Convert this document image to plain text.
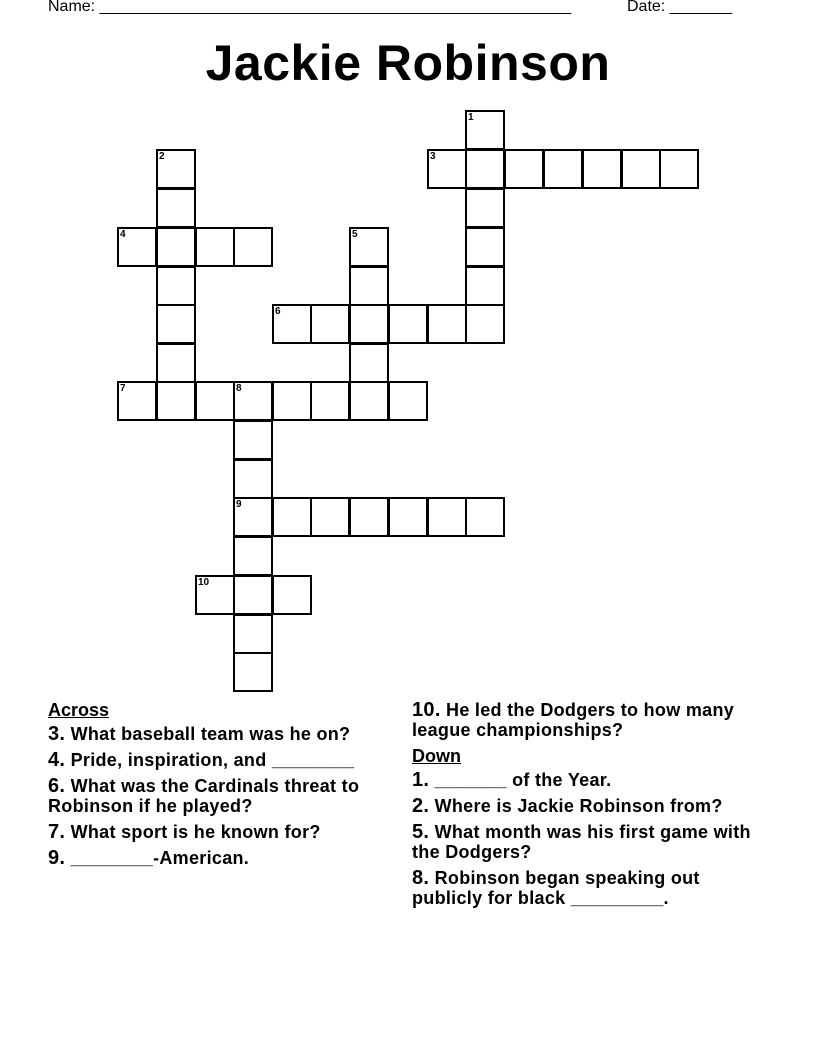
Name: _____________________________________________________	Date: _______
Jackie Robinson
1
3
2
4	5
6
7	8
9
10
Across
3. What baseball team was he on?
4. Pride, inspiration, and ________
6. What was the Cardinals threat to Robinson if he played?
7. What sport is he known for?
9. ________-American.
10. He led the Dodgers to how many league championships?
Down
1. _______ of the Year.
2. Where is Jackie Robinson from?
5. What month was his first game with the Dodgers?
8. Robinson began speaking out publicly for black _________.
